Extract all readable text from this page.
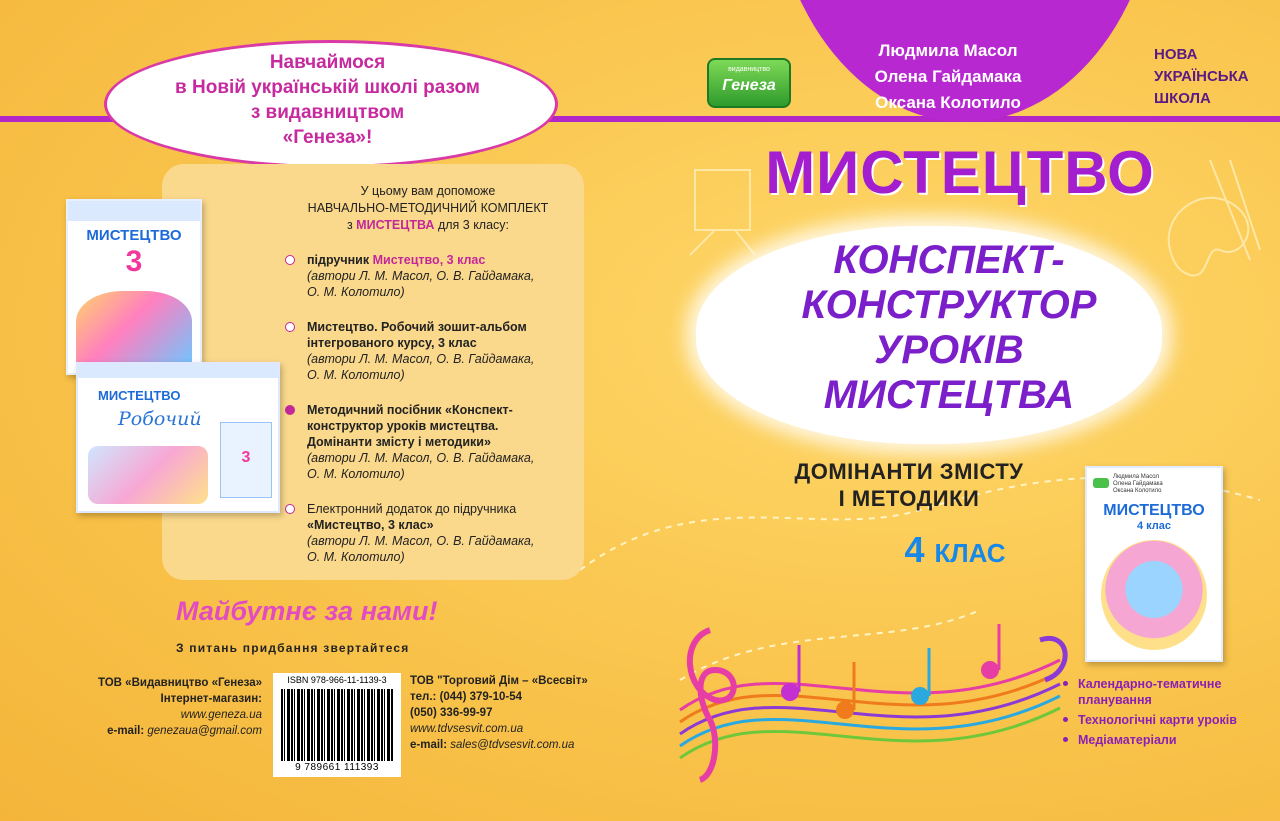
Людмила Масол
Олена Гайдамака
Оксана Колотило
НОВА
УКРАЇНСЬКА
ШКОЛА
видавництво
Генеза
Навчаймося
в Новій українській школі разом
з видавництвом
«Генеза»!
У цьому вам допоможе
НАВЧАЛЬНО-МЕТОДИЧНИЙ КОМПЛЕКТ
з МИСТЕЦТВА для 3 класу:
підручник Мистецтво, 3 клас
(автори Л. М. Масол, О. В. Гайдамака,
О. М. Колотило)
Мистецтво. Робочий зошит-альбом
інтегрованого курсу, 3 клас
(автори Л. М. Масол, О. В. Гайдамака,
О. М. Колотило)
Методичний посібник «Конспект-
конструктор уроків мистецтва.
Домінанти змісту і методики»
(автори Л. М. Масол, О. В. Гайдамака,
О. М. Колотило)
Електронний додаток до підручника
«Мистецтво, 3 клас»
(автори Л. М. Масол, О. В. Гайдамака,
О. М. Колотило)
МИСТЕЦТВО
3
МИСТЕЦТВО
Робочий
3
Майбутнє за нами!
З питань придбання звертайтеся
ТОВ «Видавництво «Генеза»
Інтернет-магазин:
www.geneza.ua
e-mail: genezaua@gmail.com
ISBN 978-966-11-1139-3
9 789661 111393
ТОВ "Торговий Дім – «Всесвіт»
тел.: (044) 379-10-54
(050) 336-99-97
www.tdvsesvit.com.ua
e-mail: sales@tdvsesvit.com.ua
МИСТЕЦТВО
КОНСПЕКТ-
КОНСТРУКТОР
УРОКІВ
МИСТЕЦТВА
ДОМІНАНТИ ЗМІСТУ
І МЕТОДИКИ
4 КЛАС
Людмила Масол
Олена Гайдамака
Оксана Колотило
МИСТЕЦТВО
4 клас
Календарно-тематичне планування
Технологічні карти уроків
Медіаматеріали
